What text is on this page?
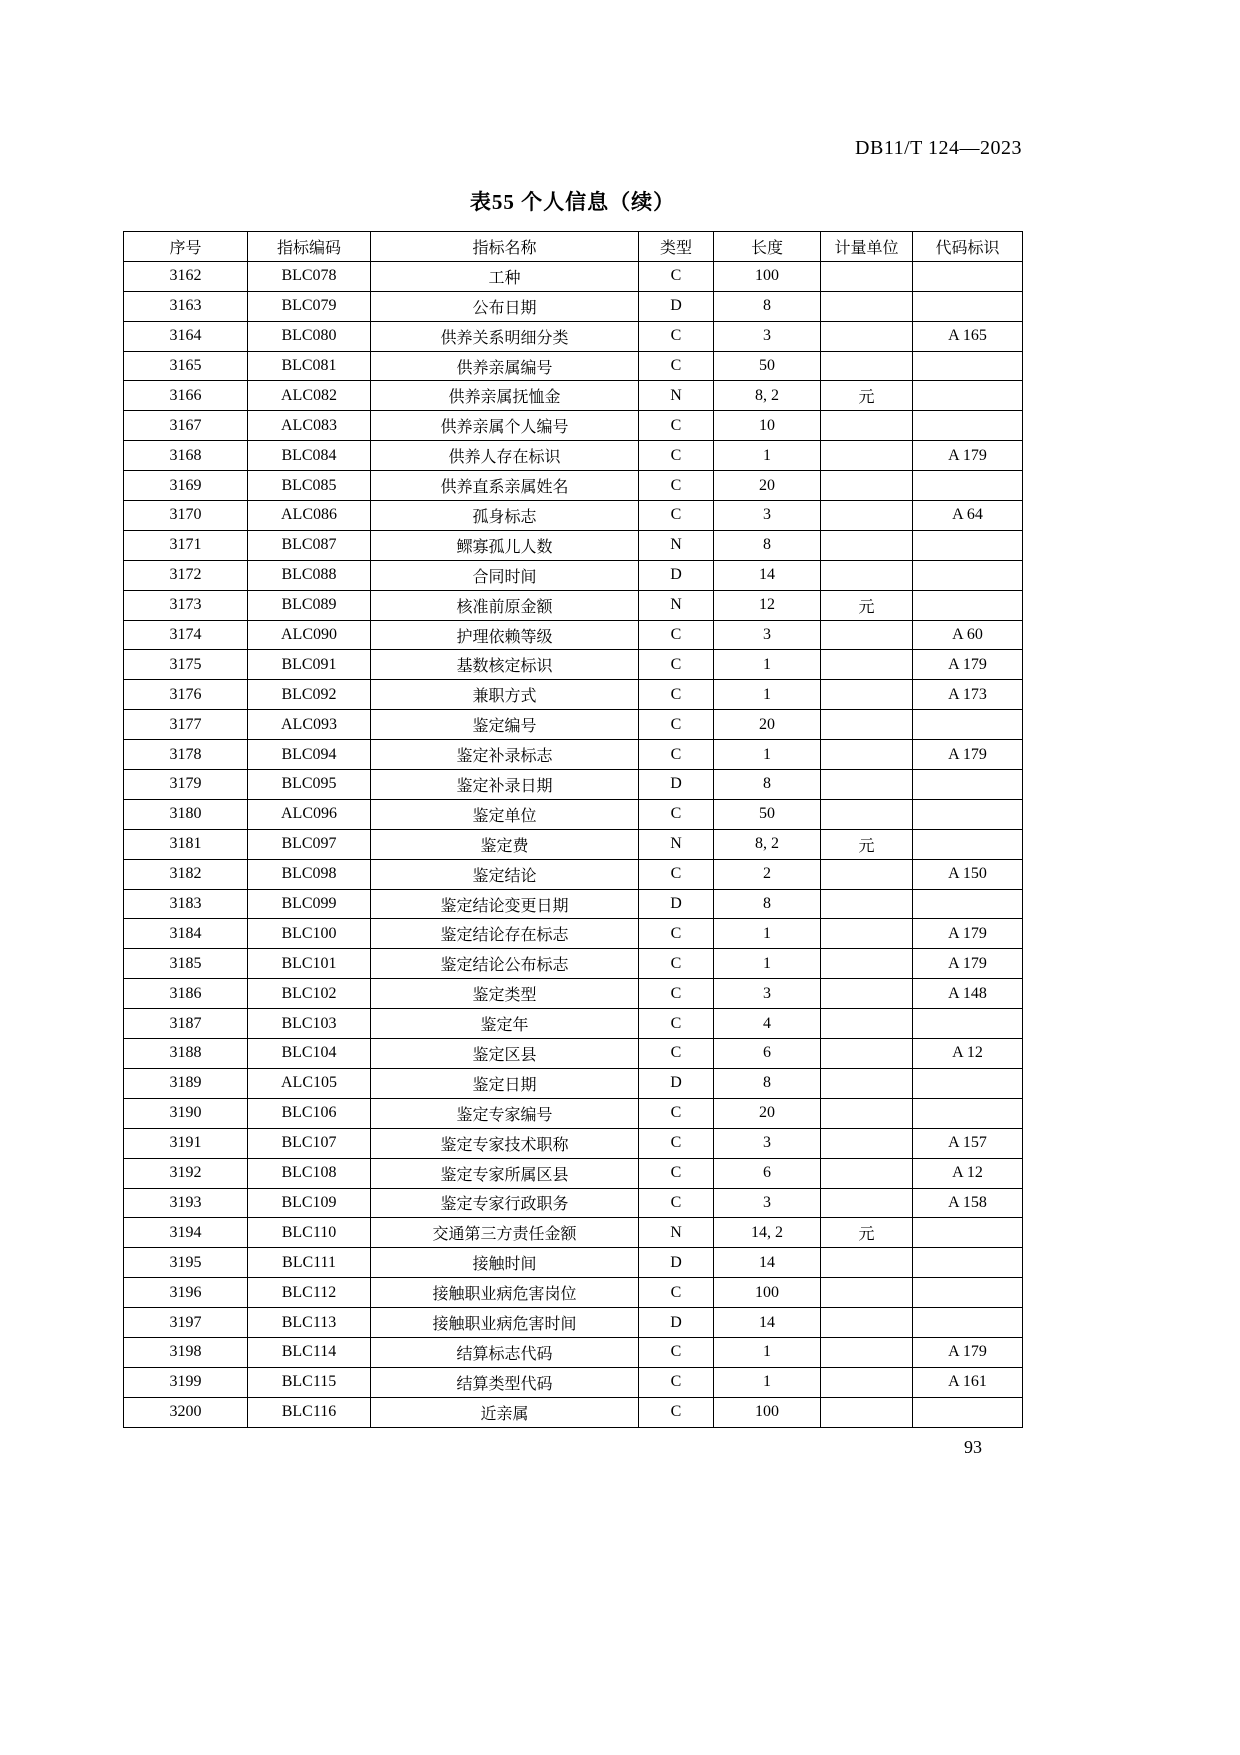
DB11/T 124—2023
表55 个人信息（续）
序号	指标编码	指标名称	类型	长度	计量单位	代码标识
3162	BLC078	工种	C	100		
3163	BLC079	公布日期	D	8		
3164	BLC080	供养关系明细分类	C	3		A 165
3165	BLC081	供养亲属编号	C	50		
3166	ALC082	供养亲属抚恤金	N	8, 2	元	
3167	ALC083	供养亲属个人编号	C	10		
3168	BLC084	供养人存在标识	C	1		A 179
3169	BLC085	供养直系亲属姓名	C	20		
3170	ALC086	孤身标志	C	3		A 64
3171	BLC087	鳏寡孤儿人数	N	8		
3172	BLC088	合同时间	D	14		
3173	BLC089	核准前原金额	N	12	元	
3174	ALC090	护理依赖等级	C	3		A 60
3175	BLC091	基数核定标识	C	1		A 179
3176	BLC092	兼职方式	C	1		A 173
3177	ALC093	鉴定编号	C	20		
3178	BLC094	鉴定补录标志	C	1		A 179
3179	BLC095	鉴定补录日期	D	8		
3180	ALC096	鉴定单位	C	50		
3181	BLC097	鉴定费	N	8, 2	元	
3182	BLC098	鉴定结论	C	2		A 150
3183	BLC099	鉴定结论变更日期	D	8		
3184	BLC100	鉴定结论存在标志	C	1		A 179
3185	BLC101	鉴定结论公布标志	C	1		A 179
3186	BLC102	鉴定类型	C	3		A 148
3187	BLC103	鉴定年	C	4		
3188	BLC104	鉴定区县	C	6		A 12
3189	ALC105	鉴定日期	D	8		
3190	BLC106	鉴定专家编号	C	20		
3191	BLC107	鉴定专家技术职称	C	3		A 157
3192	BLC108	鉴定专家所属区县	C	6		A 12
3193	BLC109	鉴定专家行政职务	C	3		A 158
3194	BLC110	交通第三方责任金额	N	14, 2	元	
3195	BLC111	接触时间	D	14		
3196	BLC112	接触职业病危害岗位	C	100		
3197	BLC113	接触职业病危害时间	D	14		
3198	BLC114	结算标志代码	C	1		A 179
3199	BLC115	结算类型代码	C	1		A 161
3200	BLC116	近亲属	C	100		
93
